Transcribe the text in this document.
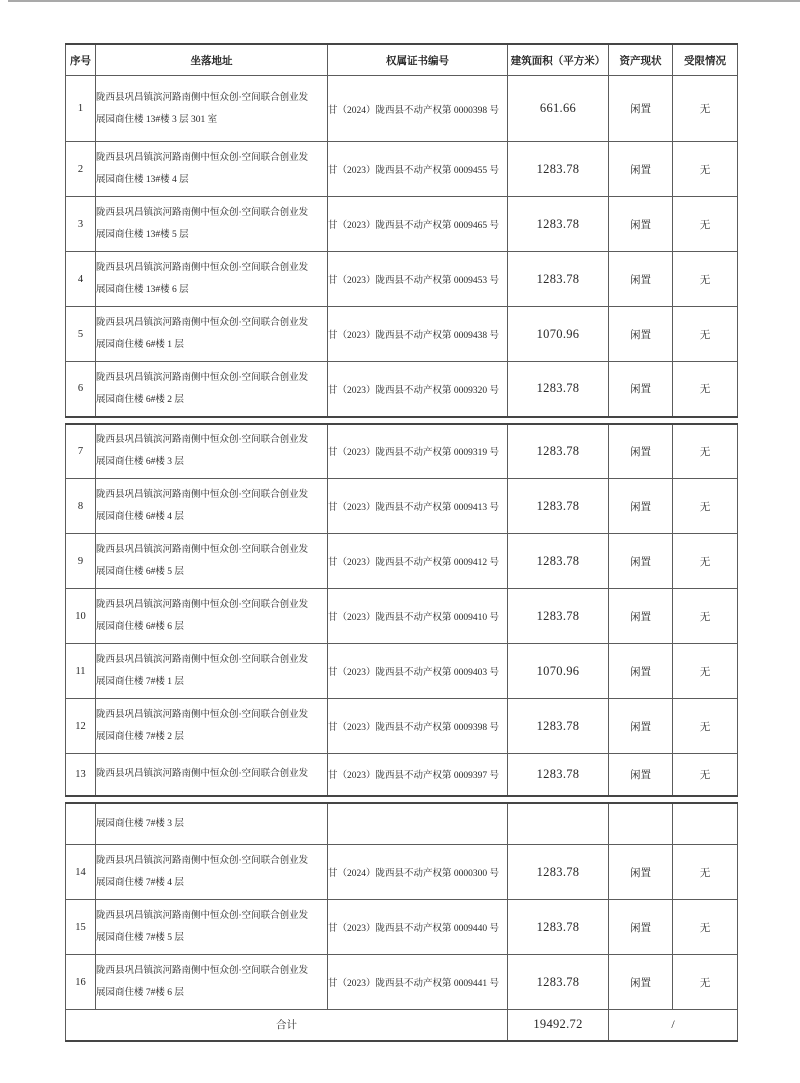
序号	坐落地址	权属证书编号	建筑面积（平方米）	资产现状	受限情况
1	陇西县巩昌镇滨河路南侧中恒众创·空间联合创业发
展园商住楼 13#楼 3 层 301 室	甘（2024）陇西县不动产权第 0000398 号	661.66	闲置	无
2	陇西县巩昌镇滨河路南侧中恒众创·空间联合创业发
展园商住楼 13#楼 4 层	甘（2023）陇西县不动产权第 0009455 号	1283.78	闲置	无
3	陇西县巩昌镇滨河路南侧中恒众创·空间联合创业发
展园商住楼 13#楼 5 层	甘（2023）陇西县不动产权第 0009465 号	1283.78	闲置	无
4	陇西县巩昌镇滨河路南侧中恒众创·空间联合创业发
展园商住楼 13#楼 6 层	甘（2023）陇西县不动产权第 0009453 号	1283.78	闲置	无
5	陇西县巩昌镇滨河路南侧中恒众创·空间联合创业发
展园商住楼 6#楼 1 层	甘（2023）陇西县不动产权第 0009438 号	1070.96	闲置	无
6	陇西县巩昌镇滨河路南侧中恒众创·空间联合创业发
展园商住楼 6#楼 2 层	甘（2023）陇西县不动产权第 0009320 号	1283.78	闲置	无
7	陇西县巩昌镇滨河路南侧中恒众创·空间联合创业发
展园商住楼 6#楼 3 层	甘（2023）陇西县不动产权第 0009319 号	1283.78	闲置	无
8	陇西县巩昌镇滨河路南侧中恒众创·空间联合创业发
展园商住楼 6#楼 4 层	甘（2023）陇西县不动产权第 0009413 号	1283.78	闲置	无
9	陇西县巩昌镇滨河路南侧中恒众创·空间联合创业发
展园商住楼 6#楼 5 层	甘（2023）陇西县不动产权第 0009412 号	1283.78	闲置	无
10	陇西县巩昌镇滨河路南侧中恒众创·空间联合创业发
展园商住楼 6#楼 6 层	甘（2023）陇西县不动产权第 0009410 号	1283.78	闲置	无
11	陇西县巩昌镇滨河路南侧中恒众创·空间联合创业发
展园商住楼 7#楼 1 层	甘（2023）陇西县不动产权第 0009403 号	1070.96	闲置	无
12	陇西县巩昌镇滨河路南侧中恒众创·空间联合创业发
展园商住楼 7#楼 2 层	甘（2023）陇西县不动产权第 0009398 号	1283.78	闲置	无
13	陇西县巩昌镇滨河路南侧中恒众创·空间联合创业发	甘（2023）陇西县不动产权第 0009397 号	1283.78	闲置	无

	展园商住楼 7#楼 3 层				

14	陇西县巩昌镇滨河路南侧中恒众创·空间联合创业发
展园商住楼 7#楼 4 层	甘（2024）陇西县不动产权第 0000300 号	1283.78	闲置	无
15	陇西县巩昌镇滨河路南侧中恒众创·空间联合创业发
展园商住楼 7#楼 5 层	甘（2023）陇西县不动产权第 0009440 号	1283.78	闲置	无
16	陇西县巩昌镇滨河路南侧中恒众创·空间联合创业发
展园商住楼 7#楼 6 层	甘（2023）陇西县不动产权第 0009441 号	1283.78	闲置	无
合计			19492.72	/	
